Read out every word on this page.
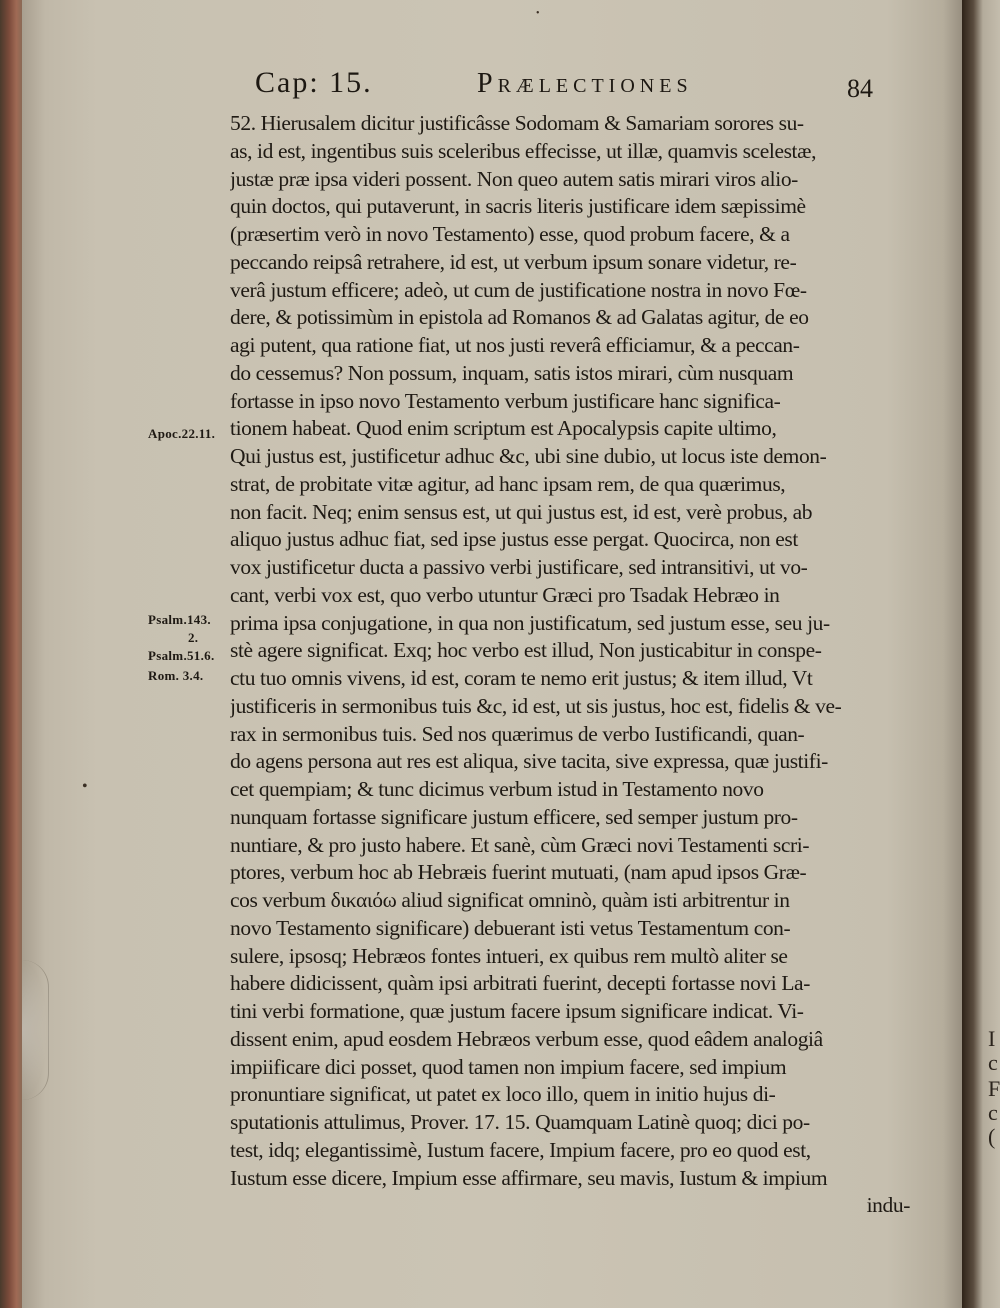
I
c
F
c
(
•
•
Cap: 15.	Prælectiones	84
Apoc.22.11.
Psalm.143.
2.
Psalm.51.6.
Rom. 3.4.
52. Hierusalem dicitur justificâsse Sodomam & Samariam sorores su-
as, id est, ingentibus suis sceleribus effecisse, ut illæ, quamvis scelestæ,
justæ præ ipsa videri possent. Non queo autem satis mirari viros alio-
quin doctos, qui putaverunt, in sacris literis justificare idem sæpissimè
(præsertim verò in novo Testamento) esse, quod probum facere, & a
peccando reipsâ retrahere, id est, ut verbum ipsum sonare videtur, re-
verâ justum efficere; adeò, ut cum de justificatione nostra in novo Fœ-
dere, & potissimùm in epistola ad Romanos & ad Galatas agitur, de eo
agi putent, qua ratione fiat, ut nos justi reverâ efficiamur, & a peccan-
do cessemus? Non possum, inquam, satis istos mirari, cùm nusquam
fortasse in ipso novo Testamento verbum justificare hanc significa-
tionem habeat. Quod enim scriptum est Apocalypsis capite ultimo,
Qui justus est, justificetur adhuc &c, ubi sine dubio, ut locus iste demon-
strat, de probitate vitæ agitur, ad hanc ipsam rem, de qua quærimus,
non facit. Neq; enim sensus est, ut qui justus est, id est, verè probus, ab
aliquo justus adhuc fiat, sed ipse justus esse pergat. Quocirca, non est
vox justificetur ducta a passivo verbi justificare, sed intransitivi, ut vo-
cant, verbi vox est, quo verbo utuntur Græci pro Tsadak Hebræo in
prima ipsa conjugatione, in qua non justificatum, sed justum esse, seu ju-
stè agere significat. Exq; hoc verbo est illud, Non justicabitur in conspe-
ctu tuo omnis vivens, id est, coram te nemo erit justus; & item illud, Vt
justificeris in sermonibus tuis &c, id est, ut sis justus, hoc est, fidelis & ve-
rax in sermonibus tuis. Sed nos quærimus de verbo Iustificandi, quan-
do agens persona aut res est aliqua, sive tacita, sive expressa, quæ justifi-
cet quempiam; & tunc dicimus verbum istud in Testamento novo
nunquam fortasse significare justum efficere, sed semper justum pro-
nuntiare, & pro justo habere. Et sanè, cùm Græci novi Testamenti scri-
ptores, verbum hoc ab Hebræis fuerint mutuati, (nam apud ipsos Græ-
cos verbum δικαιόω aliud significat omninò, quàm isti arbitrentur in
novo Testamento significare) debuerant isti vetus Testamentum con-
sulere, ipsosq; Hebræos fontes intueri, ex quibus rem multò aliter se
habere didicissent, quàm ipsi arbitrati fuerint, decepti fortasse novi La-
tini verbi formatione, quæ justum facere ipsum significare indicat. Vi-
dissent enim, apud eosdem Hebræos verbum esse, quod eâdem analogiâ
impiificare dici posset, quod tamen non impium facere, sed impium
pronuntiare significat, ut patet ex loco illo, quem in initio hujus di-
sputationis attulimus, Prover. 17. 15. Quamquam Latinè quoq; dici po-
test, idq; elegantissimè, Iustum facere, Impium facere, pro eo quod est,
Iustum esse dicere, Impium esse affirmare, seu mavis, Iustum & impium
indu-
